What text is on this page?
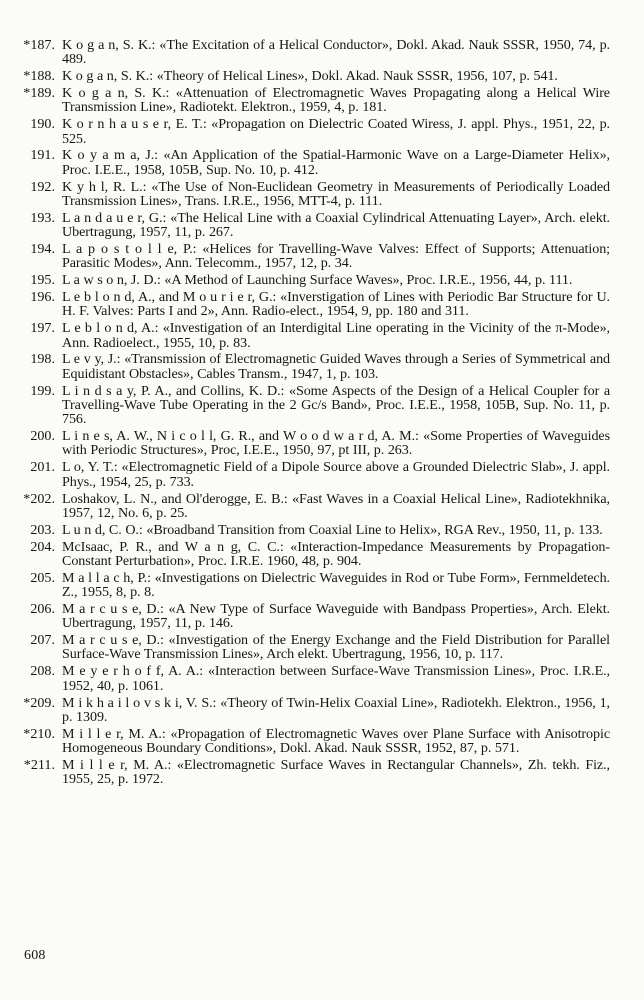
*187. K o g a n, S. K.: «The Excitation of a Helical Conductor», Dokl. Akad. Nauk SSSR, 1950, 74, p. 489.
*188. K o g a n, S. K.: «Theory of Helical Lines», Dokl. Akad. Nauk SSSR, 1956, 107, p. 541.
*189. K o g a n, S. K.: «Attenuation of Electromagnetic Waves Propagating along a Helical Wire Transmission Line», Radiotekt. Elektron., 1959, 4, p. 181.
190. K o r n h a u s e r, E. T.: «Propagation on Dielectric Coated Wiress, J. appl. Phys., 1951, 22, p. 525.
191. K o y a m a, J.: «An Application of the Spatial-Harmonic Wave on a Large-Diameter Helix», Proc. I.E.E., 1958, 105B, Sup. No. 10, p. 412.
192. K y h l, R. L.: «The Use of Non-Euclidean Geometry in Measurements of Periodically Loaded Transmission Lines», Trans. I.R.E., 1956, MTT-4, p. 111.
193. L a n d a u e r, G.: «The Helical Line with a Coaxial Cylindrical Attenuating Layer», Arch. elekt. Ubertragung, 1957, 11, p. 267.
194. L a p o s t o l l e, P.: «Helices for Travelling-Wave Valves: Effect of Supports; Attenuation; Parasitic Modes», Ann. Telecomm., 1957, 12, p. 34.
195. L a w s o n, J. D.: «A Method of Launching Surface Waves», Proc. I.R.E., 1956, 44, p. 111.
196. L e b l o n d, A., and M o u r i e r, G.: «Inverstigation of Lines with Periodic Bar Structure for U. H. F. Valves: Parts I and 2», Ann. Radio-elect., 1954, 9, pp. 180 and 311.
197. L e b l o n d, A.: «Investigation of an Interdigital Line operating in the Vicinity of the π-Mode», Ann. Radioelect., 1955, 10, p. 83.
198. L e v y, J.: «Transmission of Electromagnetic Guided Waves through a Series of Symmetrical and Equidistant Obstacles», Cables Transm., 1947, 1, p. 103.
199. L i n d s a y, P. A., and Collins, K. D.: «Some Aspects of the Design of a Helical Coupler for a Travelling-Wave Tube Operating in the 2 Gc/s Band», Proc. I.E.E., 1958, 105B, Sup. No. 11, p. 756.
200. L i n e s, A. W., N i c o l l, G. R., and W o o d w a r d, A. M.: «Some Properties of Waveguides with Periodic Structures», Proc, I.E.E., 1950, 97, pt III, p. 263.
201. L o, Y. T.: «Electromagnetic Field of a Dipole Source above a Grounded Dielectric Slab», J. appl. Phys., 1954, 25, p. 733.
*202. Loshakov, L. N., and Ol'derogge, E. B.: «Fast Waves in a Coaxial Helical Line», Radiotekhnika, 1957, 12, No. 6, p. 25.
203. L u n d, C. O.: «Broadband Transition from Coaxial Line to Helix», RGA Rev., 1950, 11, p. 133.
204. McIsaac, P. R., and W a n g, C. C.: «Interaction-Impedance Measurements by Propagation-Constant Perturbation», Proc. I.R.E. 1960, 48, p. 904.
205. M a l l a c h, P.: «Investigations on Dielectric Waveguides in Rod or Tube Form», Fernmeldetech. Z., 1955, 8, p. 8.
206. M a r c u s e, D.: «A New Type of Surface Waveguide with Bandpass Properties», Arch. Elekt. Ubertragung, 1957, 11, p. 146.
207. M a r c u s e, D.: «Investigation of the Energy Exchange and the Field Distribution for Parallel Surface-Wave Transmission Lines», Arch elekt. Ubertragung, 1956, 10, p. 117.
208. M e y e r h o f f, A. A.: «Interaction between Surface-Wave Transmission Lines», Proc. I.R.E., 1952, 40, p. 1061.
*209. M i k h a i l o v s k i, V. S.: «Theory of Twin-Helix Coaxial Line», Radiotekh. Elektron., 1956, 1, p. 1309.
*210. M i l l e r, M. A.: «Propagation of Electromagnetic Waves over Plane Surface with Anisotropic Homogeneous Boundary Conditions», Dokl. Akad. Nauk SSSR, 1952, 87, p. 571.
*211. M i l l e r, M. A.: «Electromagnetic Surface Waves in Rectangular Channels», Zh. tekh. Fiz., 1955, 25, p. 1972.
608
